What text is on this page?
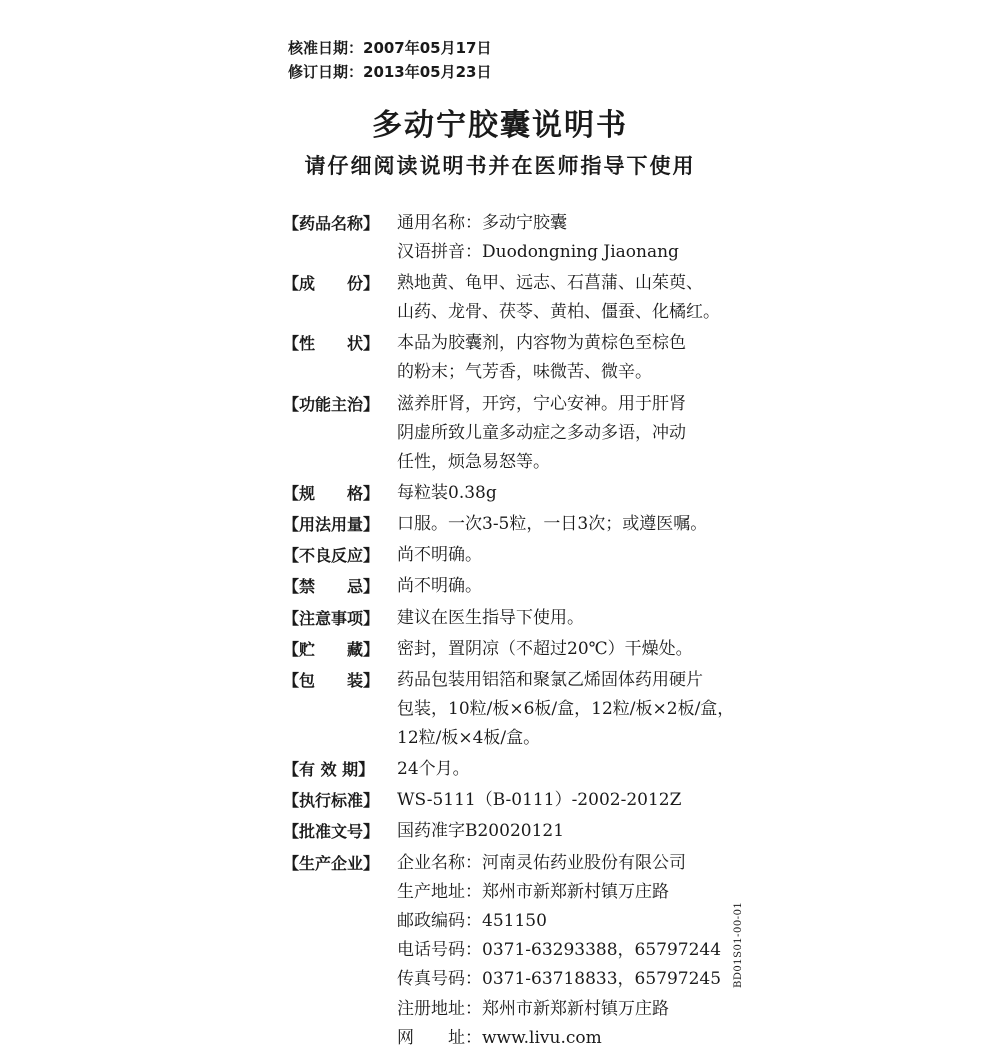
核准日期：2007年05月17日
修订日期：2013年05月23日
多动宁胶囊说明书
请仔细阅读说明书并在医师指导下使用
【药品名称】	通用名称：多动宁胶囊
汉语拼音：Duodongning Jiaonang
【成　　份】	熟地黄、龟甲、远志、石菖蒲、山茱萸、
山药、龙骨、茯苓、黄柏、僵蚕、化橘红。
【性　　状】	本品为胶囊剂，内容物为黄棕色至棕色
的粉末；气芳香，味微苦、微辛。
【功能主治】	滋养肝肾，开窍，宁心安神。用于肝肾
阴虚所致儿童多动症之多动多语，冲动
任性，烦急易怒等。
【规　　格】	每粒装0.38g
【用法用量】	口服。一次3-5粒，一日3次；或遵医嘱。
【不良反应】	尚不明确。
【禁　　忌】	尚不明确。
【注意事项】	建议在医生指导下使用。
【贮　　藏】	密封，置阴凉（不超过20℃）干燥处。
【包　　装】	药品包装用铝箔和聚氯乙烯固体药用硬片
包装，10粒/板×6板/盒，12粒/板×2板/盒，
12粒/板×4板/盒。
【有 效 期】	24个月。
【执行标准】	WS-5111（B-0111）-2002-2012Z
【批准文号】	国药准字B20020121
【生产企业】	企业名称：河南灵佑药业股份有限公司
生产地址：郑州市新郑新村镇万庄路
邮政编码：451150
电话号码：0371-63293388，65797244
传真号码：0371-63718833，65797245
注册地址：郑州市新郑新村镇万庄路
网　　址：www.livu.com
BD01S01-00-01
